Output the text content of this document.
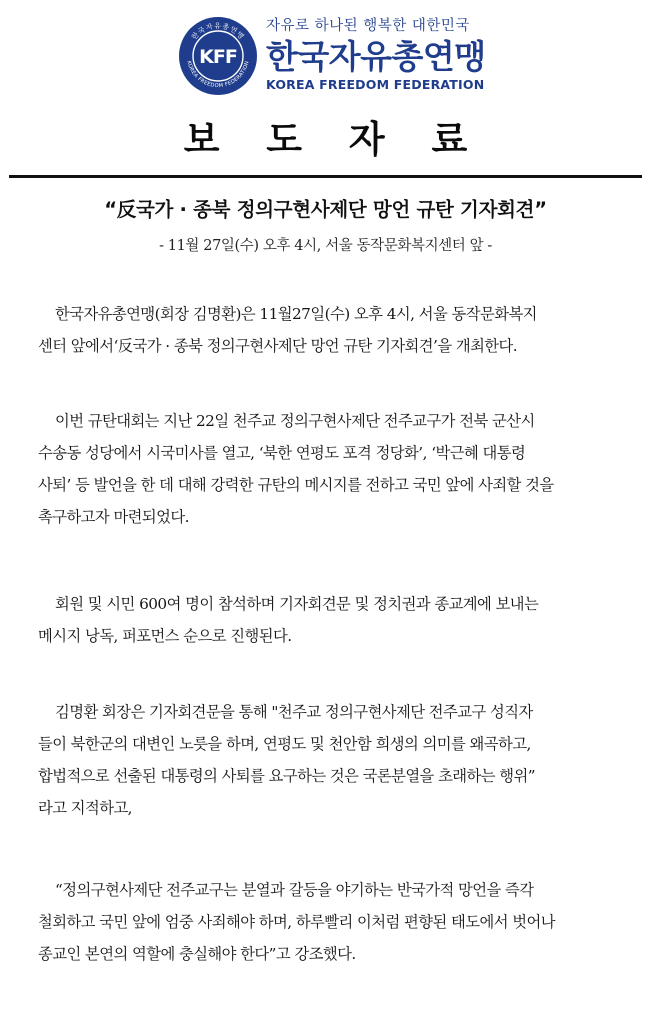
한국자유총연맹
KOREA FREEDOM FEDERATION
KFF
자유로 하나된 행복한 대한민국
한국자유총연맹
KOREA FREEDOM FEDERATION
보 도 자 료
“反국가 · 종북 정의구현사제단 망언 규탄 기자회견”
- 11월 27일(수) 오후 4시, 서울 동작문화복지센터 앞 -
한국자유총연맹(회장 김명환)은 11월27일(수) 오후 4시, 서울 동작문화복지
센터 앞에서‘反국가 · 종북 정의구현사제단 망언 규탄 기자회견’을 개최한다.
이번 규탄대회는 지난 22일 천주교 정의구현사제단 전주교구가 전북 군산시
수송동 성당에서 시국미사를 열고, ‘북한 연평도 포격 정당화’, ‘박근혜 대통령
사퇴’ 등 발언을 한 데 대해 강력한 규탄의 메시지를 전하고 국민 앞에 사죄할 것을
촉구하고자 마련되었다.
회원 및 시민 600여 명이 참석하며 기자회견문 및 정치권과 종교계에 보내는
메시지 낭독, 퍼포먼스 순으로 진행된다.
김명환 회장은 기자회견문을 통해 "천주교 정의구현사제단 전주교구 성직자
들이 북한군의 대변인 노릇을 하며, 연평도 및 천안함 희생의 의미를 왜곡하고,
합법적으로 선출된 대통령의 사퇴를 요구하는 것은 국론분열을 초래하는 행위”
라고 지적하고,
“정의구현사제단 전주교구는 분열과 갈등을 야기하는 반국가적 망언을 즉각
철회하고 국민 앞에 엄중 사죄해야 하며, 하루빨리 이처럼 편향된 태도에서 벗어나
종교인 본연의 역할에 충실해야 한다”고 강조했다.
